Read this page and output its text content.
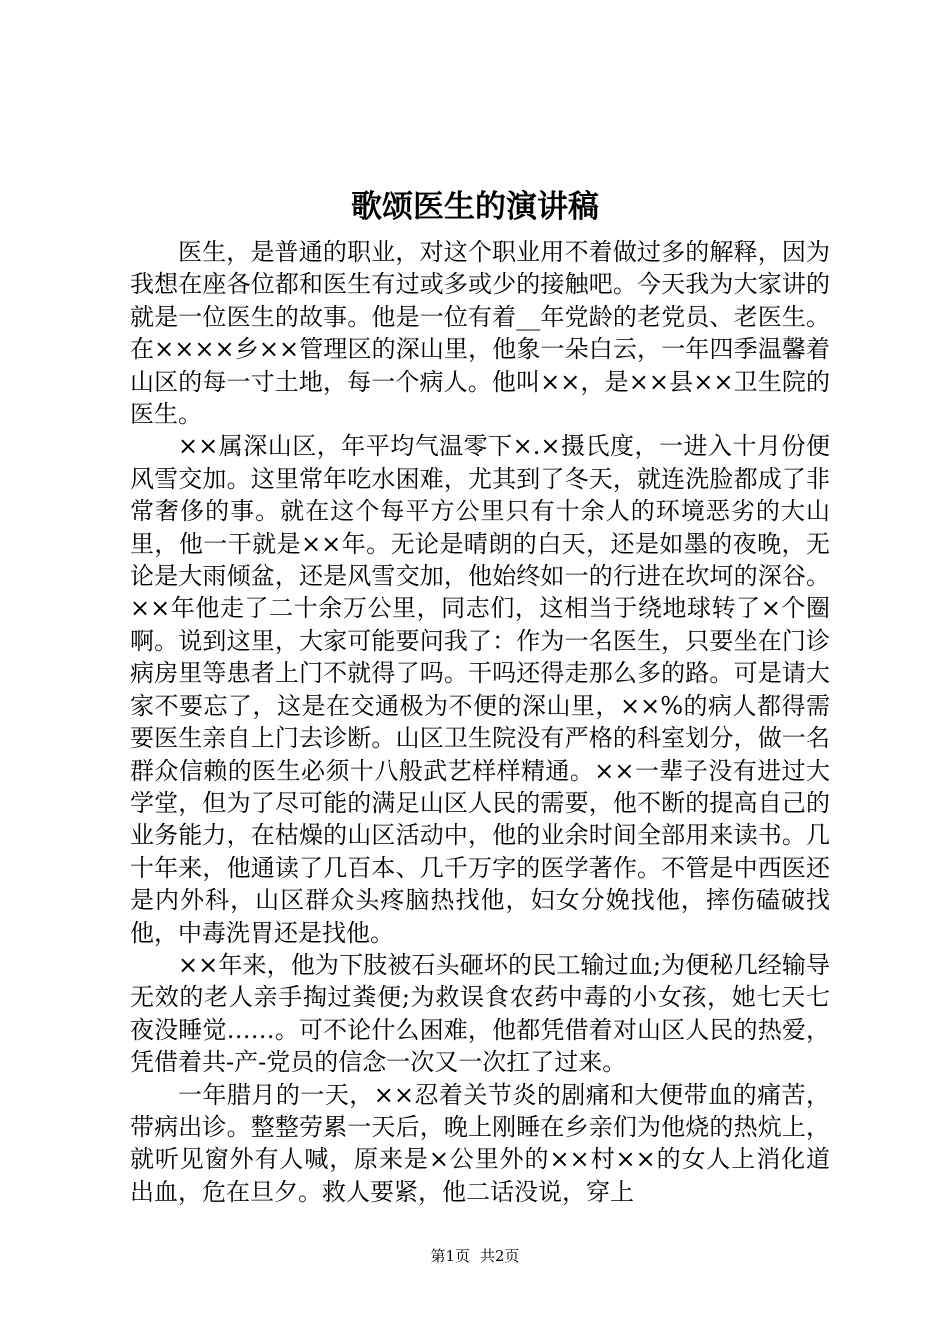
歌颂医生的演讲稿

医生，是普通的职业，对这个职业用不着做过多的解释，因为我想在座各位都和医生有过或多或少的接触吧。今天我为大家讲的就是一位医生的故事。他是一位有着__年党龄的老党员、老医生。在××××乡××管理区的深山里，他象一朵白云，一年四季温馨着山区的每一寸土地，每一个病人。他叫××，是××县××卫生院的医生。

××属深山区，年平均气温零下×.×摄氏度，一进入十月份便风雪交加。这里常年吃水困难，尤其到了冬天，就连洗脸都成了非常奢侈的事。就在这个每平方公里只有十余人的环境恶劣的大山里，他一干就是××年。无论是晴朗的白天，还是如墨的夜晚，无论是大雨倾盆，还是风雪交加，他始终如一的行进在坎坷的深谷。××年他走了二十余万公里，同志们，这相当于绕地球转了×个圈啊。说到这里，大家可能要问我了：作为一名医生，只要坐在门诊病房里等患者上门不就得了吗。干吗还得走那么多的路。可是请大家不要忘了，这是在交通极为不便的深山里，××%的病人都得需要医生亲自上门去诊断。山区卫生院没有严格的科室划分，做一名群众信赖的医生必须十八般武艺样样精通。××一辈子没有进过大学堂，但为了尽可能的满足山区人民的需要，他不断的提高自己的业务能力，在枯燥的山区活动中，他的业余时间全部用来读书。几十年来，他通读了几百本、几千万字的医学著作。不管是中西医还是内外科，山区群众头疼脑热找他，妇女分娩找他，摔伤磕破找他，中毒洗胃还是找他。

××年来，他为下肢被石头砸坏的民工输过血;为便秘几经输导无效的老人亲手掏过粪便;为救误食农药中毒的小女孩，她七天七夜没睡觉……。可不论什么困难，他都凭借着对山区人民的热爱，凭借着共-产-党员的信念一次又一次扛了过来。

一年腊月的一天，××忍着关节炎的剧痛和大便带血的痛苦，带病出诊。整整劳累一天后，晚上刚睡在乡亲们为他烧的热炕上，就听见窗外有人喊，原来是×公里外的××村××的女人上消化道出血，危在旦夕。救人要紧，他二话没说，穿上

第1页 共2页
